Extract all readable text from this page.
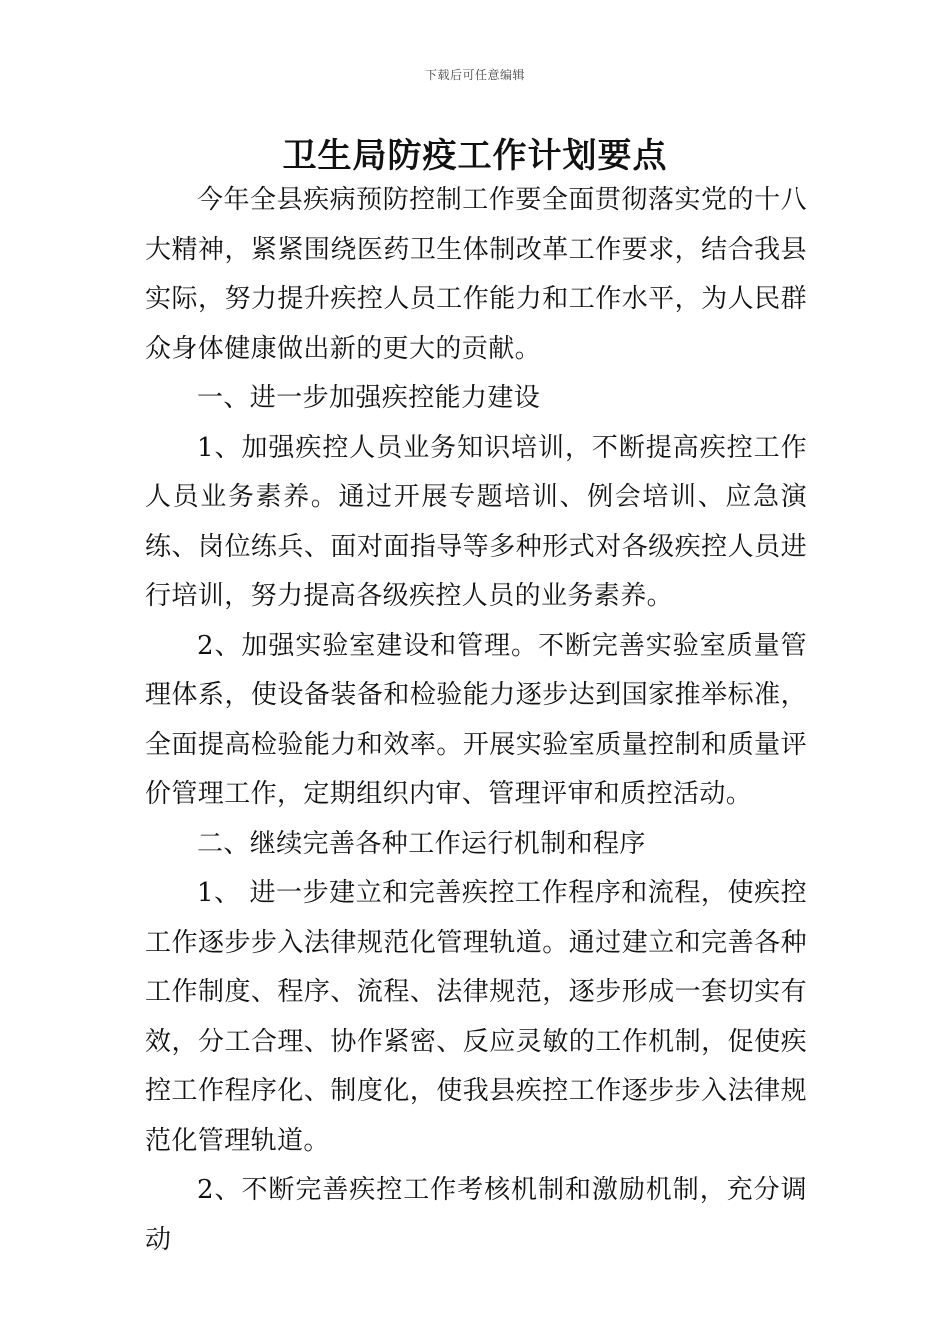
下载后可任意编辑
卫生局防疫工作计划要点

今年全县疾病预防控制工作要全面贯彻落实党的十八大精神，紧紧围绕医药卫生体制改革工作要求，结合我县实际，努力提升疾控人员工作能力和工作水平，为人民群众身体健康做出新的更大的贡献。

一、进一步加强疾控能力建设

1、加强疾控人员业务知识培训，不断提高疾控工作人员业务素养。通过开展专题培训、例会培训、应急演练、岗位练兵、面对面指导等多种形式对各级疾控人员进行培训，努力提高各级疾控人员的业务素养。

2、加强实验室建设和管理。不断完善实验室质量管理体系，使设备装备和检验能力逐步达到国家推举标准，全面提高检验能力和效率。开展实验室质量控制和质量评价管理工作，定期组织内审、管理评审和质控活动。

二、继续完善各种工作运行机制和程序

1、 进一步建立和完善疾控工作程序和流程，使疾控工作逐步步入法律规范化管理轨道。通过建立和完善各种工作制度、程序、流程、法律规范，逐步形成一套切实有效，分工合理、协作紧密、反应灵敏的工作机制，促使疾控工作程序化、制度化，使我县疾控工作逐步步入法律规范化管理轨道。

2、不断完善疾控工作考核机制和激励机制，充分调动
